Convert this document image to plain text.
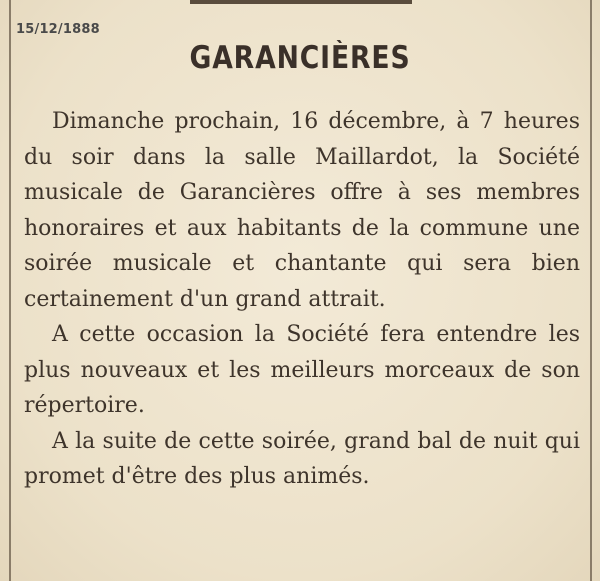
15/12/1888
GARANCIÈRES

Dimanche prochain, 16 décembre, à 7 heures du soir dans la salle Maillardot, la Société musicale de Garancières offre à ses membres honoraires et aux habitants de la commune une soirée musicale et chantante qui sera bien certainement d'un grand attrait.

A cette occasion la Société fera entendre les plus nouveaux et les meilleurs morceaux de son répertoire.

A la suite de cette soirée, grand bal de nuit qui promet d'être des plus animés.
